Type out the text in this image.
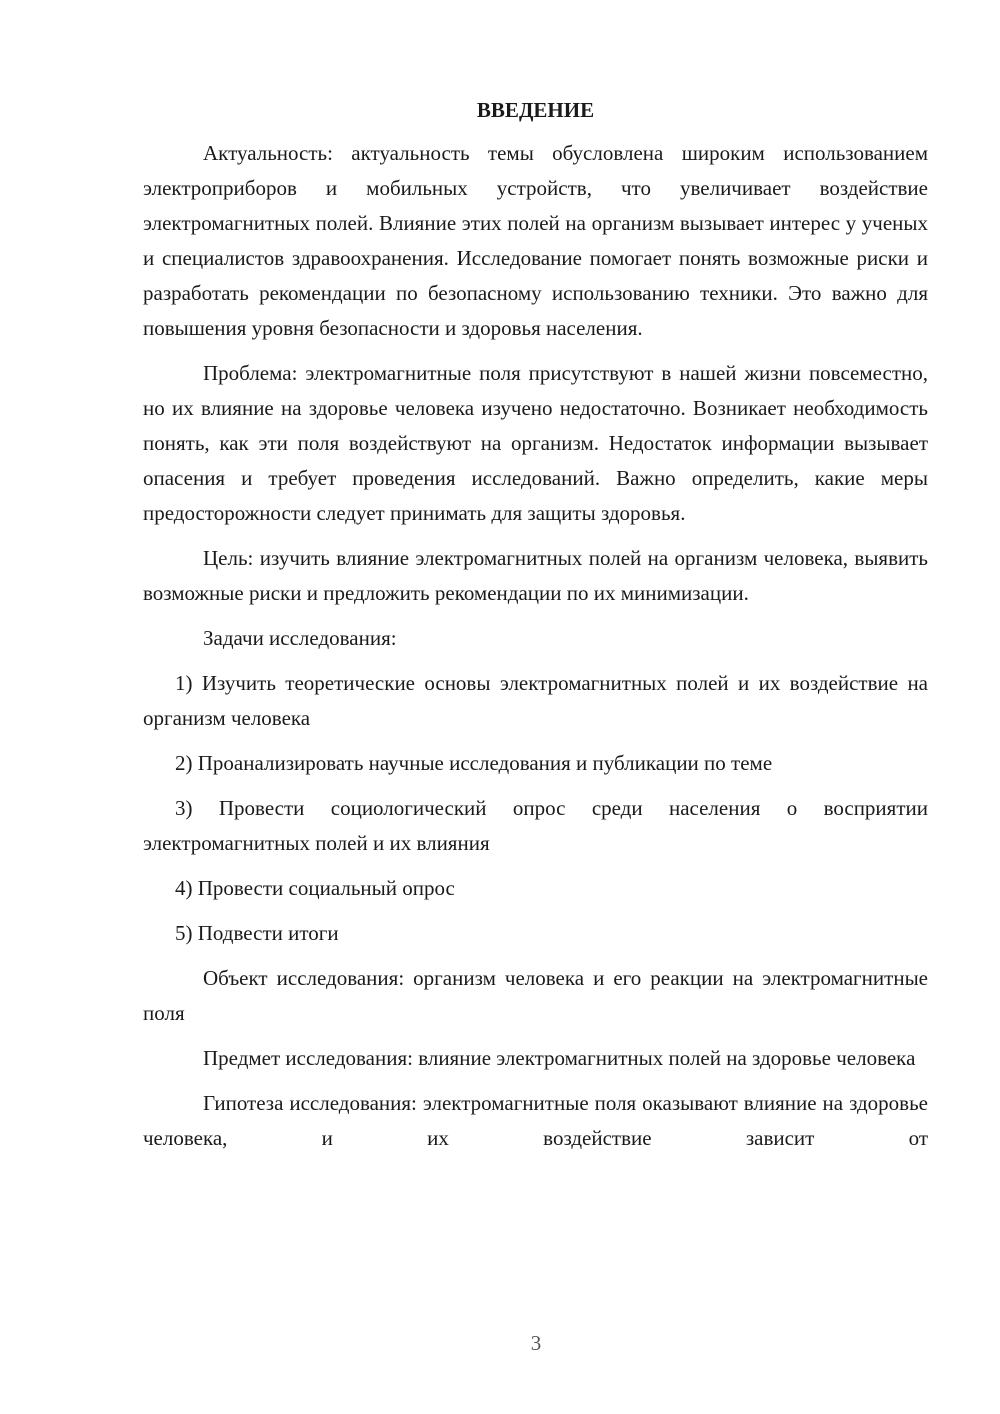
ВВЕДЕНИЕ

Актуальность: актуальность темы обусловлена широким использованием электроприборов и мобильных устройств, что увеличивает воздействие электромагнитных полей. Влияние этих полей на организм вызывает интерес у ученых и специалистов здравоохранения. Исследование помогает понять возможные риски и разработать рекомендации по безопасному использованию техники. Это важно для повышения уровня безопасности и здоровья населения.

Проблема: электромагнитные поля присутствуют в нашей жизни повсеместно, но их влияние на здоровье человека изучено недостаточно. Возникает необходимость понять, как эти поля воздействуют на организм. Недостаток информации вызывает опасения и требует проведения исследований. Важно определить, какие меры предосторожности следует принимать для защиты здоровья.

Цель: изучить влияние электромагнитных полей на организм человека, выявить возможные риски и предложить рекомендации по их минимизации.

Задачи исследования:

1) Изучить теоретические основы электромагнитных полей и их воздействие на организм человека

2) Проанализировать научные исследования и публикации по теме

3) Провести социологический опрос среди населения о восприятии электромагнитных полей и их влияния

4) Провести социальный опрос

5) Подвести итоги

Объект исследования: организм человека и его реакции на электромагнитные поля

Предмет исследования: влияние электромагнитных полей на здоровье человека

Гипотеза исследования: электромагнитные поля оказывают влияние на здоровье человека, и их воздействие зависит от

3
